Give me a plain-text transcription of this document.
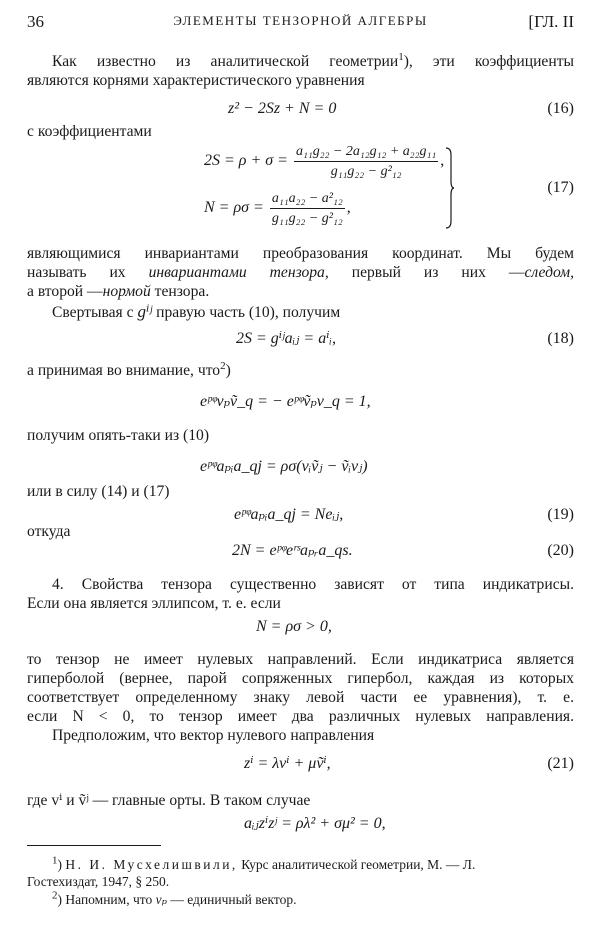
36	ЭЛЕМЕНТЫ ТЕНЗОРНОЙ АЛГЕБРЫ	[ГЛ. II
Как известно из аналитической геометрии$^1$), эти коэффициенты
являются корнями характеристического уравнения
z² − 2Sz + N = 0	(16)
с коэффициентами
$2S = \rho + \sigma = \frac{\text{a₁₁g₂₂ − 2a₁₂g₁₂ + a₂₂g₁₁}}{\text{g₁₁g₂₂ − g²₁₂}}$ ,
$N = \rho\sigma = \frac{\text{a₁₁a₂₂ − a²₁₂}}{\text{g₁₁g₂₂ − g²₁₂}}$ ,
(17)
являющимися инвариантами преобразования координат. Мы будем
называть их инвариантами тензора, первый из них —следом,
а второй —нормой тензора.
Свертывая с gⁱʲ правую часть (10), получим
2S = gⁱʲaᵢⱼ = aⁱᵢ,	(18)
а принимая во внимание, что$^2$)
eᵖᵠvₚṽ_q = − eᵖᵠṽₚv_q = 1,
получим опять-таки из (10)
eᵖᵠaₚᵢa_qj = ρσ(vᵢṽⱼ − ṽᵢvⱼ)
или в силу (14) и (17)
eᵖᵠaₚᵢa_qj = Neᵢⱼ,	(19)
откуда
2N = eᵖᵠeʳˢaₚᵣa_qs.	(20)
4. Свойства тензора существенно зависят от типа индикатрисы.
Если она является эллипсом, т. е. если
N = ρσ > 0,
то тензор не имеет нулевых направлений. Если индикатриса является
гиперболой (вернее, парой сопряженных гипербол, каждая из которых
соответствует определенному знаку левой части ее уравнения), т. е.
если N < 0, то тензор имеет два различных нулевых направления.
Предположим, что вектор нулевого направления
zⁱ = λvⁱ + μṽⁱ,	(21)
где vⁱ и ṽʲ — главные орты. В таком случае
aᵢⱼzⁱzʲ = ρλ² + σμ² = 0,
$^1$) Н. И. Мусхелишвили, Курс аналитической геометрии, М. — Л.
Гостехиздат, 1947, § 250.
$^2$) Напомним, что vₚ — единичный вектор.
